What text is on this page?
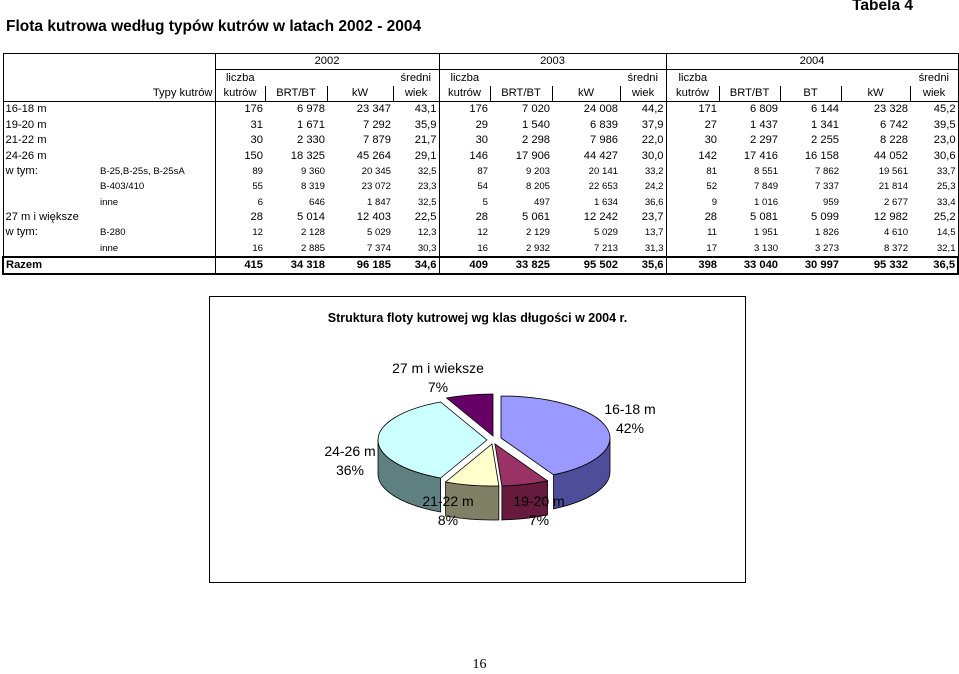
Flota kutrowa według typów kutrów w latach 2002 - 2004
Tabela 4
		2002				2003				2004				
		liczba			średni	liczba			średni	liczba				średni
Typy kutrów		kutrów	BRT/BT	kW	wiek	kutrów	BRT/BT	kW	wiek	kutrów	BRT/BT	BT	kW	wiek
16-18 m		176	6 978	23 347	43,1	176	7 020	24 008	44,2	171	6 809	6 144	23 328	45,2
19-20 m		31	1 671	7 292	35,9	29	1 540	6 839	37,9	27	1 437	1 341	6 742	39,5
21-22 m		30	2 330	7 879	21,7	30	2 298	7 986	22,0	30	2 297	2 255	8 228	23,0
24-26 m		150	18 325	45 264	29,1	146	17 906	44 427	30,0	142	17 416	16 158	44 052	30,6
w tym:	B-25,B-25s, B-25sA	89	9 360	20 345	32,5	87	9 203	20 141	33,2	81	8 551	7 862	19 561	33,7
	B-403/410	55	8 319	23 072	23,3	54	8 205	22 653	24,2	52	7 849	7 337	21 814	25,3
	inne	6	646	1 847	32,5	5	497	1 634	36,6	9	1 016	959	2 677	33,4
27 m i większe		28	5 014	12 403	22,5	28	5 061	12 242	23,7	28	5 081	5 099	12 982	25,2
w tym:	B-280	12	2 128	5 029	12,3	12	2 129	5 029	13,7	11	1 951	1 826	4 610	14,5
	inne	16	2 885	7 374	30,3	16	2 932	7 213	31,3	17	3 130	3 273	8 372	32,1
Razem		415	34 318	96 185	34,6	409	33 825	95 502	35,6	398	33 040	30 997	95 332	36,5
Struktura floty kutrowej wg klas długości w 2004 r.
27 m i wieksze
7%
16-18 m
42%
24-26 m
36%
21-22 m
8%
19-20 m
7%
16
